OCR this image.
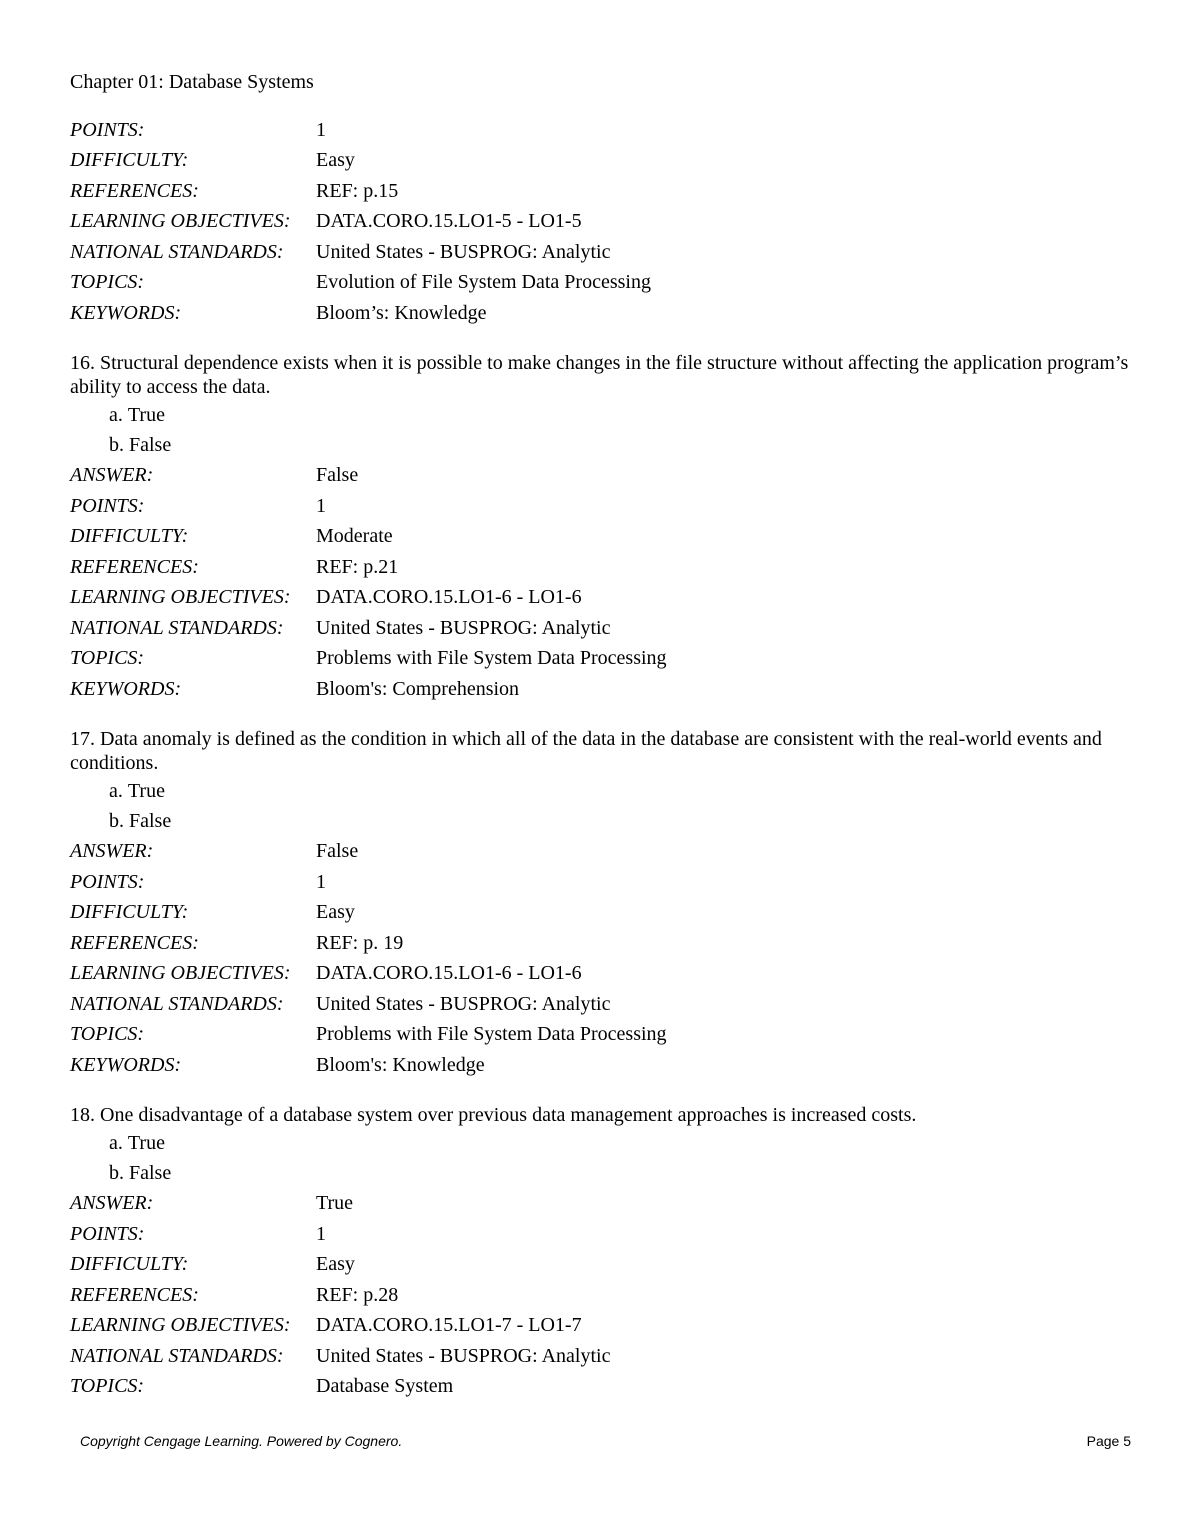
Chapter 01: Database Systems
POINTS:	1
DIFFICULTY:	Easy
REFERENCES:	REF: p.15
LEARNING OBJECTIVES:	DATA.CORO.15.LO1-5 - LO1-5
NATIONAL STANDARDS:	United States - BUSPROG: Analytic
TOPICS:	Evolution of File System Data Processing
KEYWORDS:	Bloom’s: Knowledge

16. Structural dependence exists when it is possible to make changes in the file structure without affecting the application program’s ability to access the data.

a. True
b. False
ANSWER:	False
POINTS:	1
DIFFICULTY:	Moderate
REFERENCES:	REF: p.21
LEARNING OBJECTIVES:	DATA.CORO.15.LO1-6 - LO1-6
NATIONAL STANDARDS:	United States - BUSPROG: Analytic
TOPICS:	Problems with File System Data Processing
KEYWORDS:	Bloom's: Comprehension

17. Data anomaly is defined as the condition in which all of the data in the database are consistent with the real-world events and conditions.

a. True
b. False
ANSWER:	False
POINTS:	1
DIFFICULTY:	Easy
REFERENCES:	REF: p. 19
LEARNING OBJECTIVES:	DATA.CORO.15.LO1-6 - LO1-6
NATIONAL STANDARDS:	United States - BUSPROG: Analytic
TOPICS:	Problems with File System Data Processing
KEYWORDS:	Bloom's: Knowledge

18. One disadvantage of a database system over previous data management approaches is increased costs.

a. True
b. False
ANSWER:	True
POINTS:	1
DIFFICULTY:	Easy
REFERENCES:	REF: p.28
LEARNING OBJECTIVES:	DATA.CORO.15.LO1-7 - LO1-7
NATIONAL STANDARDS:	United States - BUSPROG: Analytic
TOPICS:	Database System
Copyright Cengage Learning. Powered by Cognero.	Page 5
